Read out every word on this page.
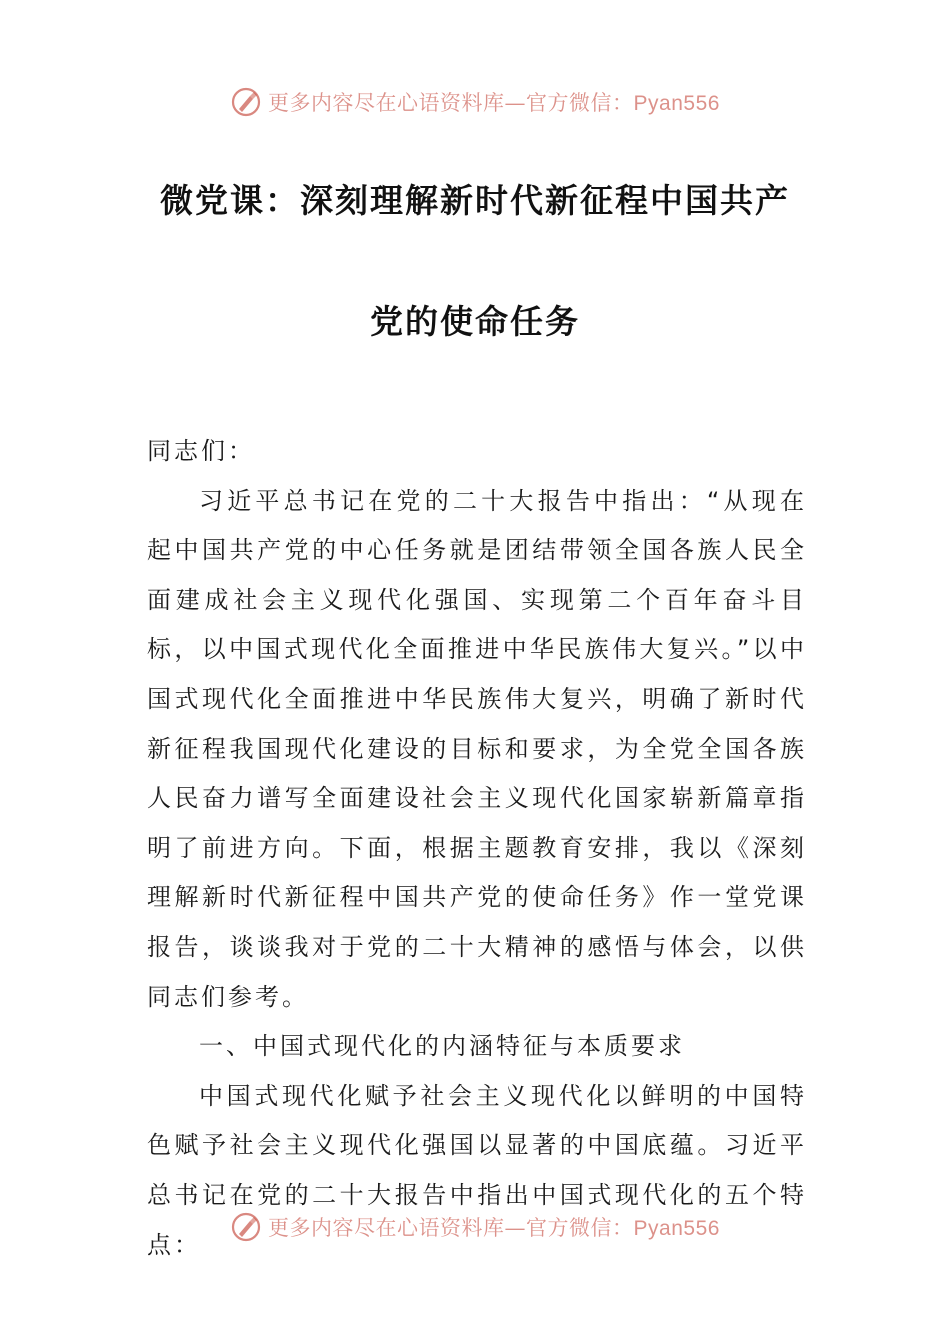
更多内容尽在心语资料库—官方微信：Pyan556
微党课：深刻理解新时代新征程中国共产
党的使命任务

同志们：

习近平总书记在党的二十大报告中指出：“从现在起中国共产党的中心任务就是团结带领全国各族人民全面建成社会主义现代化强国、实现第二个百年奋斗目标，以中国式现代化全面推进中华民族伟大复兴。”以中国式现代化全面推进中华民族伟大复兴，明确了新时代新征程我国现代化建设的目标和要求，为全党全国各族人民奋力谱写全面建设社会主义现代化国家崭新篇章指明了前进方向。下面，根据主题教育安排，我以《深刻理解新时代新征程中国共产党的使命任务》作一堂党课报告，谈谈我对于党的二十大精神的感悟与体会，以供同志们参考。

一、中国式现代化的内涵特征与本质要求

中国式现代化赋予社会主义现代化以鲜明的中国特色赋予社会主义现代化强国以显著的中国底蕴。习近平总书记在党的二十大报告中指出中国式现代化的五个特点：

更多内容尽在心语资料库—官方微信：Pyan556
